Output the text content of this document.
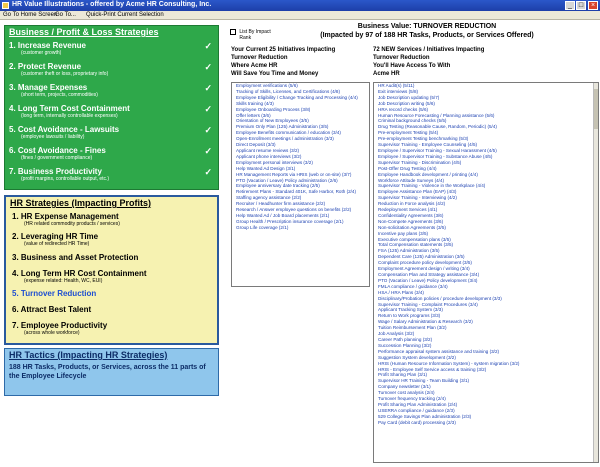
HR Value Illustrations - offered by Acme HR Consulting, Inc.	_ □	×
Go To Home Screen
Go To... Quick-Print Current Selection
Business / Profit & Loss Strategies
1. Increase Revenue
(customer growth)
✓
2. Protect Revenue
(customer theft or loss, proprietary info)
✓
3. Manage Expenses
(short term, projects, commodities)
✓
4. Long Term Cost Containment
(long term, internally controllable expenses)
✓
5. Cost Avoidance - Lawsuits
(employee lawsuits / liability)
✓
6. Cost Avoidance - Fines
(fines / government compliance)
✓
7. Business Productivity
(profit margins, controllable output, etc.)
✓
HR Strategies (Impacting Profits)
1. HR Expense Management
(HR related commodity products / services)
2. Leveraging HR Time
(value of redirected HR Time)
3. Business and Asset Protection
4. Long Term HR Cost Containment
(expense related: Health, WC, EUI)
5. Turnover Reduction
6. Attract Best Talent
7. Employee Productivity
(across whole workforce)
HR Tactics (Impacting HR Strategies)
188 HR Tasks, Products, or Services, across the 11 parts of the Employee Lifecycle
List By Impact Rank
Business Value: TURNOVER REDUCTION
(Impacted by 97 of 188 HR Tasks, Products, or Services Offered)
Your Current 25 Initiatives Impacting
Turnover Reduction
Where Acme HR
Will Save You Time and Money
72 NEW Services / Initiatives Impacting
Turnover Reduction
You'll Have Access To With
Acme HR
Employment verifications (5/6)
Tracking of Skills, Licenses, and Certifications (4/8)
Employee Eligibility / Change Tracking and Processing (4/4)
Skills training (4/3)
Employee Onboarding Process (3/8)
Offer letters (3/6)
Orientation of New Employees (3/5)
Premium Only Plan (125) Administration (3/5)
Employee Benefits communication / education (3/4)
Open-Enrollment meetings / administration (3/3)
Direct Deposit (3/3)
Applicant resume reviews (3/2)
Applicant phone interviews (3/2)
Employment personal interviews (3/2)
Help Wanted Ad Design (3/1)
HR Management Reports via HRIS (web or on-site) (3/7)
PTO (Vacation / Leave) Policy administration (2/6)
Employee anniversary date tracking (2/5)
Retirement Plans - Standard 401K, Safe Harbor, Roth (2/4)
Staffing agency assistance (2/2)
Recruiter / Headhunter firm assistance (2/2)
Research / Answer employee questions on benefits (2/2)
Help Wanted Ad / Job Board placements (2/1)
Group Health / Prescription insurance coverage (2/1)
Group Life coverage (2/1)
HR Audit(s) (5/11)
Exit interviews (5/8)
Job Description updating (5/7)
Job Description writing (5/6)
HRA record checks (5/6)
Human Resource Forecasting / Planning assistance (5/6)
Criminal background checks (5/5)
Drug Testing (Reasonable Cause, Random, Periodic) (5/4)
Pre-employment Testing (5/4)
Pre-employment Testing benchmarking (5/3)
Supervisor Training - Employee Counseling (4/5)
Employee / Supervisor Training - Sexual Harassment (4/5)
Employee / Supervisor Training - Substance Abuse (4/5)
Supervisor Training - Discrimination (4/5)
Post-Offer Drug Testing (4/4)
Employee Handbook development / printing (4/4)
Workforce Attitude Surveys (4/4)
Supervisor Training - Violence in the Workplace (4/4)
Employee Assistance Plan (EAP) (4/3)
Supervisor Training - Interviewing (4/2)
Reduction in Force analysis (4/2)
Redeployment Services (4/1)
Confidentiality Agreements (3/6)
Non-Compete Agreements (3/6)
Non-solicitation Agreements (3/5)
Incentive pay plans (3/5)
Executive compensation plans (3/5)
Total Compensation statements (3/5)
FSA (125) Administration (3/5)
Dependent Care (125) Administration (3/5)
Complaint procedure policy development (3/5)
Employment Agreement design / writing (3/4)
Compensation Plan and Strategy assistance (3/4)
PTO (Vacation / Leave) Policy development (3/4)
FMLA compliance / guidance (3/4)
HSA / HRA Plans (3/4)
Disciplinary/Probation policies / procedure development (3/3)
Supervisor Training - Complaint Procedures (3/4)
Applicant Tracking System (3/3)
Return to Work programs (3/3)
Wage / Salary Administration & Research (3/2)
Tuition Reimbursement Plan (3/2)
Job Analysis (3/2)
Career Path planning (3/2)
Succession Planning (3/2)
Performance appraisal system assistance and training (3/2)
Suggestion System development (3/2)
HRIS (Human Resource Information System) - system migration (3/2)
HRIS - Employee Self Service access & training (3/2)
Profit Sharing Plan (3/1)
Supervisor HR Training - Team Building (3/1)
Company newsletter (3/1)
Turnover cost analysis (2/4)
Turnover frequency tracking (2/4)
Profit Sharing Plan Administration (2/4)
USERRA compliance / guidance (2/3)
529 College Savings Plan administration (2/3)
Pay Card (debit card) processing (2/3)
